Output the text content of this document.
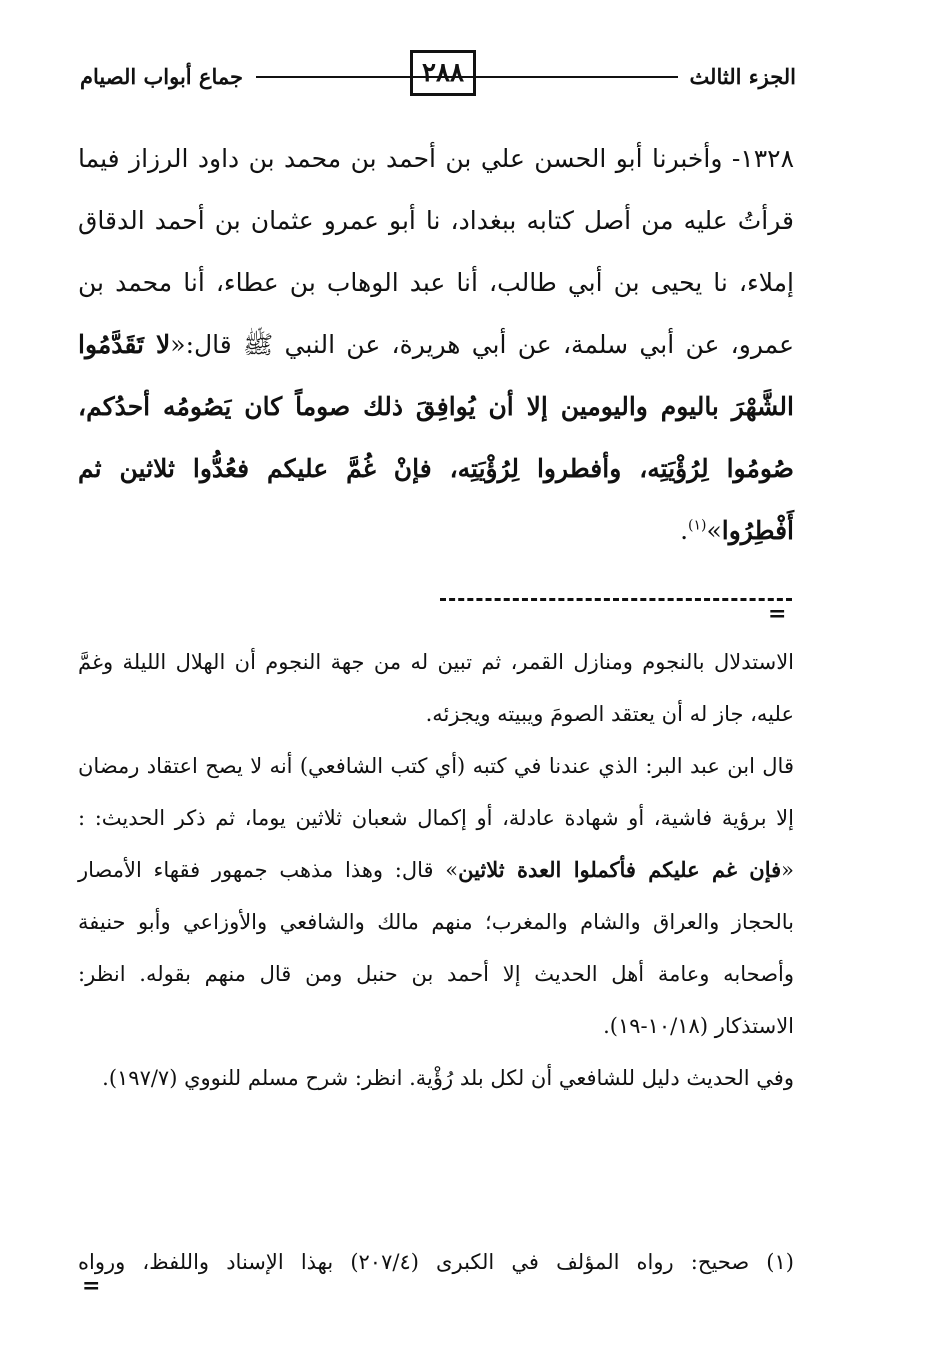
الجزء الثالث
٢٨٨
جماع أبواب الصيام

١٣٢٨- وأخبرنا أبو الحسن علي بن أحمد بن محمد بن داود الرزاز فيما قرأتُ عليه من أصل كتابه ببغداد، نا أبو عمرو عثمان بن أحمد الدقاق إملاء، نا يحيى بن أبي طالب، أنا عبد الوهاب بن عطاء، أنا محمد بن عمرو، عن أبي سلمة، عن أبي هريرة، عن النبي ﷺ قال:«لا تَقَدَّمُوا الشَّهْرَ باليوم واليومين إلا أن يُوافِقَ ذلك صوماً كان يَصُومُه أحدُكم، صُومُوا لِرُؤْيَتِه، وأفطروا لِرُؤْيَتِه، فإنْ غُمَّ عليكم فعُدُّوا ثلاثين ثم أَفْطِرُوا»$^{(١)}$.

=

الاستدلال بالنجوم ومنازل القمر، ثم تبين له من جهة النجوم أن الهلال الليلة وغمَّ عليه، جاز له أن يعتقد الصومَ ويبيته ويجزئه.

قال ابن عبد البر: الذي عندنا في كتبه (أي كتب الشافعي) أنه لا يصح اعتقاد رمضان إلا برؤية فاشية، أو شهادة عادلة، أو إكمال شعبان ثلاثين يوما، ثم ذكر الحديث: : «فإن غم عليكم فأكملوا العدة ثلاثين» قال: وهذا مذهب جمهور فقهاء الأمصار بالحجاز والعراق والشام والمغرب؛ منهم مالك والشافعي والأوزاعي وأبو حنيفة وأصحابه وعامة أهل الحديث إلا أحمد بن حنبل ومن قال منهم بقوله. انظر: الاستذكار (١٠/١٨-١٩).

وفي الحديث دليل للشافعي أن لكل بلد رُؤْية. انظر: شرح مسلم للنووي (١٩٧/٧).

(١) صحيح: رواه المؤلف في الكبرى (٢٠٧/٤) بهذا الإسناد واللفظ، ورواه
=
